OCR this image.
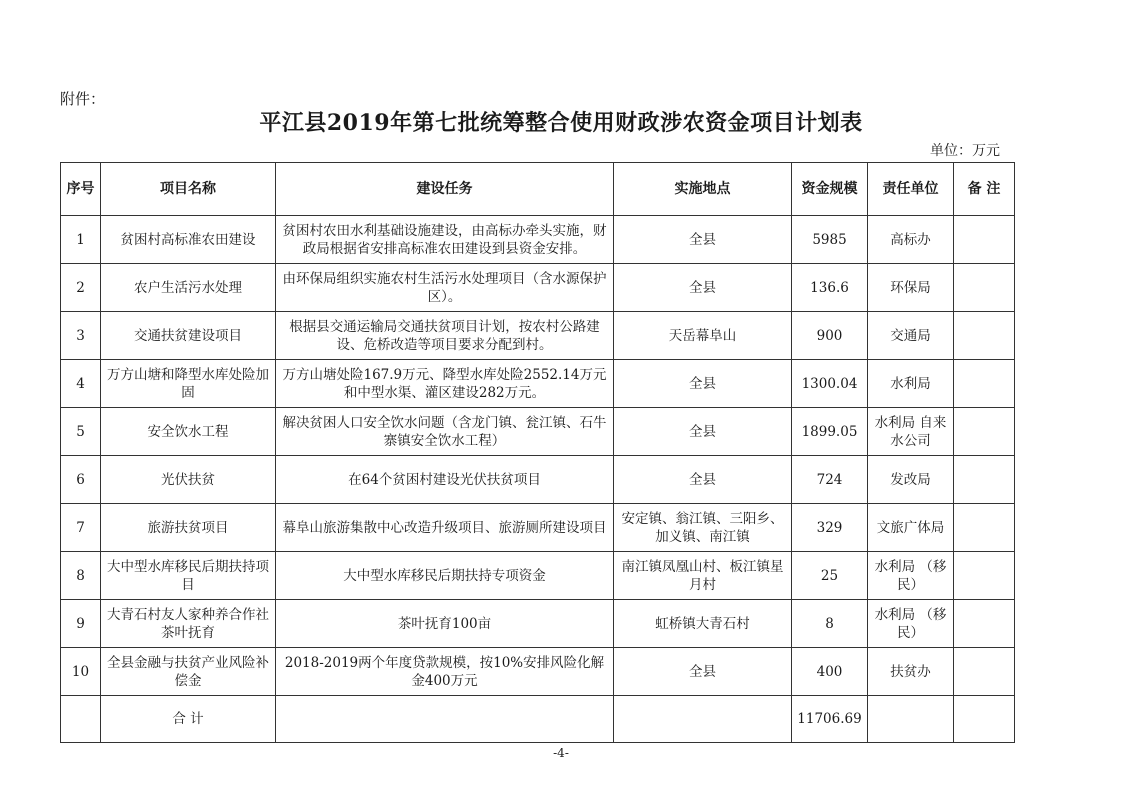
附件：
平江县2019年第七批统筹整合使用财政涉农资金项目计划表
单位：万元
序号	项目名称	建设任务	实施地点	资金规模	责任单位	备 注
1	贫困村高标准农田建设	贫困村农田水利基础设施建设，由高标办牵头实施，财政局根据省安排高标准农田建设到县资金安排。	全县	5985	高标办	
2	农户生活污水处理	由环保局组织实施农村生活污水处理项目（含水源保护区）。	全县	136.6	环保局	
3	交通扶贫建设项目	根据县交通运输局交通扶贫项目计划，按农村公路建设、危桥改造等项目要求分配到村。	天岳幕阜山	900	交通局	
4	万方山塘和降型水库处险加固	万方山塘处险167.9万元、降型水库处险2552.14万元和中型水渠、灌区建设282万元。	全县	1300.04	水利局	
5	安全饮水工程	解决贫困人口安全饮水问题（含龙门镇、瓮江镇、石牛寨镇安全饮水工程）	全县	1899.05	水利局 自来水公司	
6	光伏扶贫	在64个贫困村建设光伏扶贫项目	全县	724	发改局	
7	旅游扶贫项目	幕阜山旅游集散中心改造升级项目、旅游厕所建设项目	安定镇、翁江镇、三阳乡、加义镇、南江镇	329	文旅广体局	
8	大中型水库移民后期扶持项目	大中型水库移民后期扶持专项资金	南江镇凤凰山村、板江镇星月村	25	水利局 （移民）	
9	大青石村友人家种养合作社茶叶抚育	茶叶抚育100亩	虹桥镇大青石村	8	水利局 （移民）	
10	全县金融与扶贫产业风险补偿金	2018-2019两个年度贷款规模，按10%安排风险化解金400万元	全县	400	扶贫办	
	合 计			11706.69		
-4-
